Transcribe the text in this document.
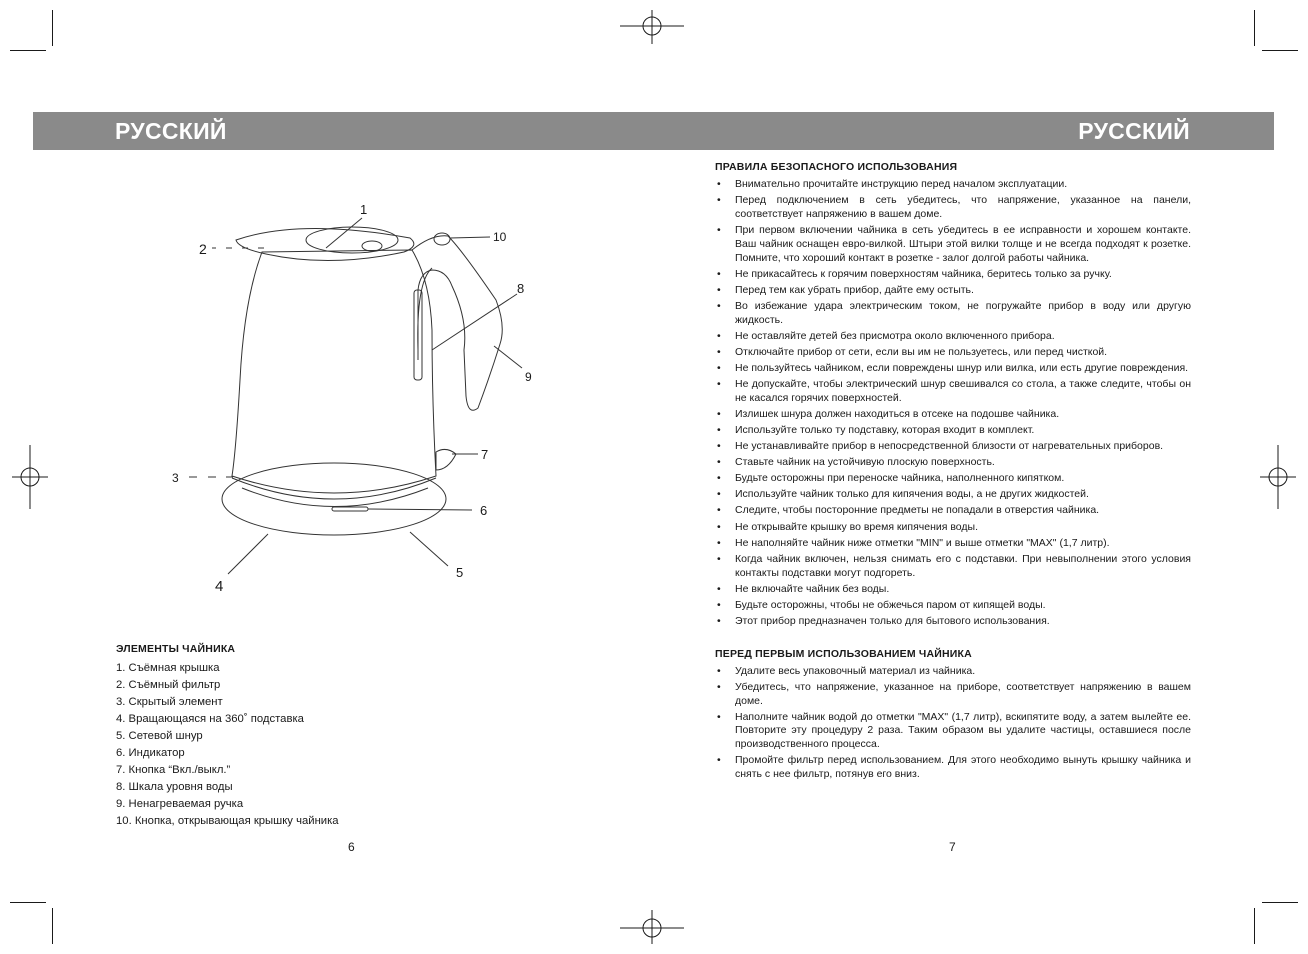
РУССКИЙ	РУССКИЙ
1
2
3
4
5
6
7
8
9
10
ЭЛЕМЕНТЫ ЧАЙНИКА
1. Съёмная крышка
2. Съёмный фильтр
3. Скрытый элемент
4. Вращающаяся на 360˚ подставка
5. Сетевой шнур
6. Индикатор
7. Кнопка “Вкл./выкл.”
8. Шкала уровня воды
9. Ненагреваемая ручка
10. Кнопка, открывающая крышку чайника
ПРАВИЛА БЕЗОПАСНОГО ИСПОЛЬЗОВАНИЯ
• Внимательно прочитайте инструкцию перед началом эксплуатации.
• Перед подключением в сеть убедитесь, что напряжение, указанное на панели, соответствует напряжению в вашем доме.
• При первом включении чайника в сеть убедитесь в ее исправности и хорошем контакте. Ваш чайник оснащен евро-вилкой. Штыри этой вилки толще и не всегда подходят к розетке. Помните, что хороший контакт в розетке - залог долгой работы чайника.
• Не прикасайтесь к горячим поверхностям чайника, беритесь только за ручку.
• Перед тем как убрать прибор, дайте ему остыть.
• Во избежание удара электрическим током, не погружайте прибор в воду или другую жидкость.
• Не оставляйте детей без присмотра около включенного прибора.
• Отключайте прибор от сети, если вы им не пользуетесь, или перед чисткой.
• Не пользуйтесь чайником, если повреждены шнур или вилка, или есть другие повреждения.
• Не допускайте, чтобы электрический шнур свешивался со стола, а также следите, чтобы он не касался горячих поверхностей.
• Излишек шнура должен находиться в отсеке на подошве чайника.
• Используйте только ту подставку, которая входит в комплект.
• Не устанавливайте прибор в непосредственной близости от нагревательных приборов.
• Ставьте чайник на устойчивую плоскую поверхность.
• Будьте осторожны при переноске чайника, наполненного кипятком.
• Используйте чайник только для кипячения воды, а не других жидкостей.
• Следите, чтобы посторонние предметы не попадали в отверстия чайника.
• Не открывайте крышку во время кипячения воды.
• Не наполняйте чайник ниже отметки "MIN" и выше отметки "MAX" (1,7 литр).
• Когда чайник включен, нельзя снимать его с подставки. При невыполнении этого условия контакты подставки могут подгореть.
• Не включайте чайник без воды.
• Будьте осторожны, чтобы не обжечься паром от кипящей воды.
• Этот прибор предназначен только для бытового использования.
ПЕРЕД ПЕРВЫМ ИСПОЛЬЗОВАНИЕМ ЧАЙНИКА
• Удалите весь упаковочный материал из чайника.
• Убедитесь, что напряжение, указанное на приборе, соответствует напряжению в вашем доме.
• Наполните чайник водой до отметки "MAX" (1,7 литр), вскипятите воду, а затем вылейте ее. Повторите эту процедуру 2 раза. Таким образом вы удалите частицы, оставшиеся после производственного процесса.
• Промойте фильтр перед использованием. Для этого необходимо вынуть крышку чайника и снять с нее фильтр, потянув его вниз.
6	7
